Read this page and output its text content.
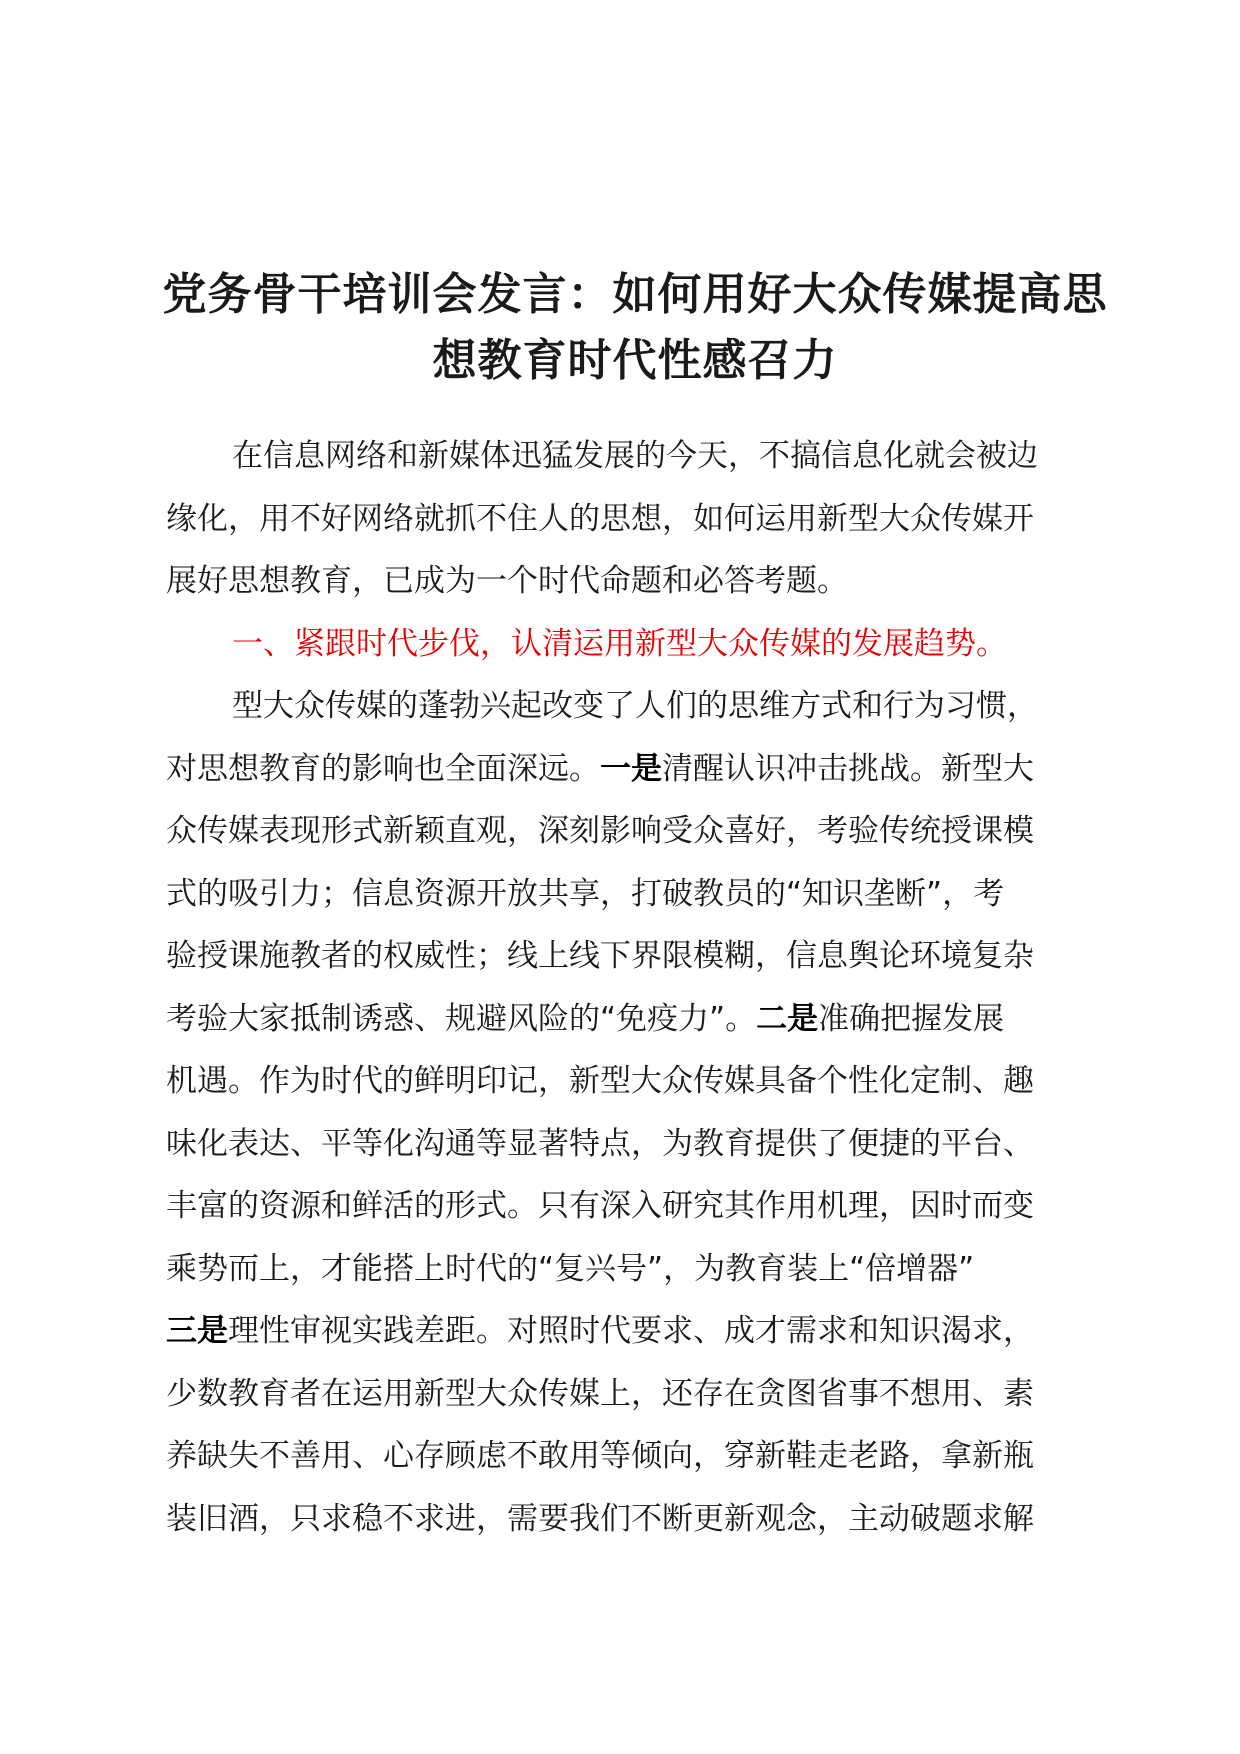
党务骨干培训会发言：如何用好大众传媒提高思
想教育时代性感召力
在信息网络和新媒体迅猛发展的今天，不搞信息化就会被边
缘化，用不好网络就抓不住人的思想，如何运用新型大众传媒开
展好思想教育，已成为一个时代命题和必答考题。
一、紧跟时代步伐，认清运用新型大众传媒的发展趋势。
型大众传媒的蓬勃兴起改变了人们的思维方式和行为习惯，
对思想教育的影响也全面深远。一是清醒认识冲击挑战。新型大
众传媒表现形式新颖直观，深刻影响受众喜好，考验传统授课模
式的吸引力；信息资源开放共享，打破教员的“知识垄断”，考
验授课施教者的权威性；线上线下界限模糊，信息舆论环境复杂
考验大家抵制诱惑、规避风险的“免疫力”。二是准确把握发展
机遇。作为时代的鲜明印记，新型大众传媒具备个性化定制、趣
味化表达、平等化沟通等显著特点，为教育提供了便捷的平台、
丰富的资源和鲜活的形式。只有深入研究其作用机理，因时而变
乘势而上，才能搭上时代的“复兴号”，为教育装上“倍增器”
三是理性审视实践差距。对照时代要求、成才需求和知识渴求，
少数教育者在运用新型大众传媒上，还存在贪图省事不想用、素
养缺失不善用、心存顾虑不敢用等倾向，穿新鞋走老路，拿新瓶
装旧酒，只求稳不求进，需要我们不断更新观念，主动破题求解
